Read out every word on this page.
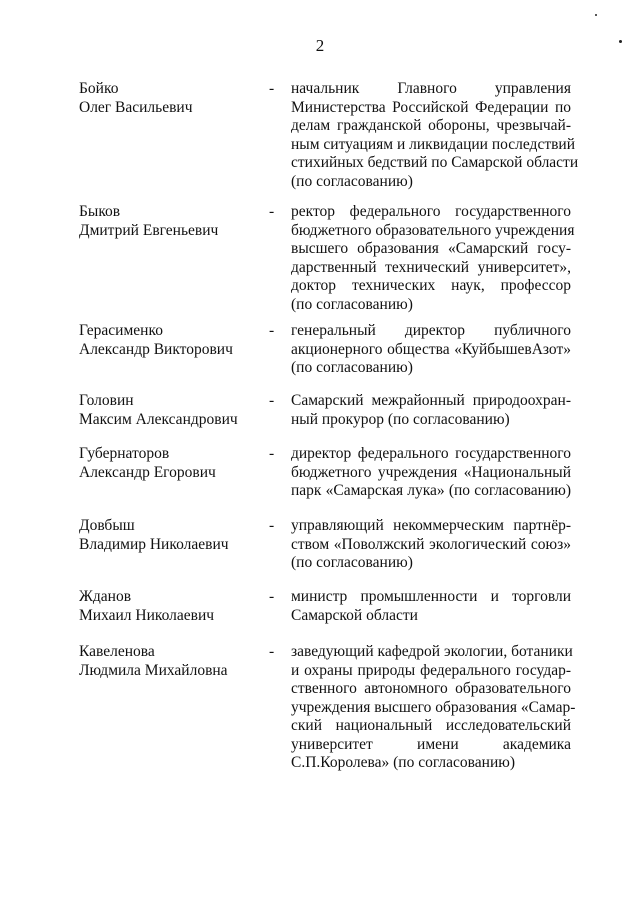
2
Бойко
Олег Васильевич
- начальник Главного управления
Министерства Российской Федерации по
делам гражданской обороны, чрезвычай-
ным ситуациям и ликвидации последствий
стихийных бедствий по Самарской области
(по согласованию)
Быков
Дмитрий Евгеньевич
- ректор федерального государственного
бюджетного образовательного учреждения
высшего образования «Самарский госу-
дарственный технический университет»,
доктор технических наук, профессор
(по согласованию)
Герасименко
Александр Викторович
- генеральный директор публичного
акционерного общества «КуйбышевАзот»
(по согласованию)
Головин
Максим Александрович
- Самарский межрайонный природоохран-
ный прокурор (по согласованию)
Губернаторов
Александр Егорович
- директор федерального государственного
бюджетного учреждения «Национальный
парк «Самарская лука» (по согласованию)
Довбыш
Владимир Николаевич
- управляющий некоммерческим партнёр-
ством «Поволжский экологический союз»
(по согласованию)
Жданов
Михаил Николаевич
- министр промышленности и торговли
Самарской области
Кавеленова
Людмила Михайловна
- заведующий кафедрой экологии, ботаники
и охраны природы федерального государ-
ственного автономного образовательного
учреждения высшего образования «Самар-
ский национальный исследовательский
университет имени академика
С.П.Королева» (по согласованию)
